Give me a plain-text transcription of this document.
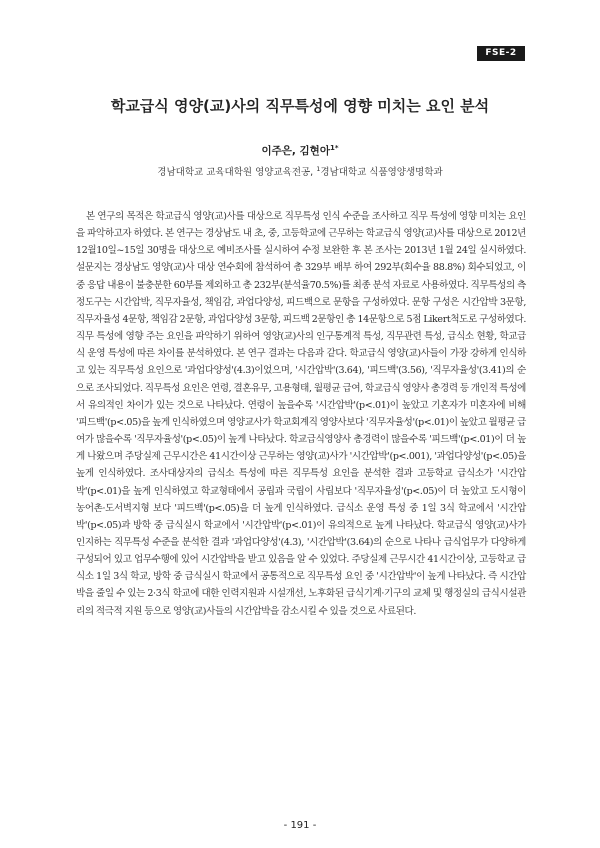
FSE-2
학교급식 영양(교)사의 직무특성에 영향 미치는 요인 분석
이주은, 김현아$^{1*}$
경남대학교 교육대학원 영양교육전공, $^1$경남대학교 식품영양생명학과

본 연구의 목적은 학교급식 영양(교)사를 대상으로 직무특성 인식 수준을 조사하고 직무 특성에 영향 미치는 요인을 파악하고자 하였다. 본 연구는 경상남도 내 초, 중, 고등학교에 근무하는 학교급식 영양(교)사를 대상으로 2012년 12월10일~15일 30명을 대상으로 예비조사를 실시하여 수정 보완한 후 본 조사는 2013년 1월 24일 실시하였다. 설문지는 경상남도 영양(교)사 대상 연수회에 참석하여 총 329부 배부 하여 292부(회수율 88.8%) 회수되었고, 이 중 응답 내용이 불충분한 60부를 제외하고 총 232부(분석율70.5%)를 최종 분석 자료로 사용하였다. 직무특성의 측정도구는 시간압박, 직무자율성, 책임감, 과업다양성, 피드백으로 문항을 구성하였다. 문항 구성은 시간압박 3문항, 직무자율성 4문항, 책임감 2문항, 과업다양성 3문항, 피드백 2문항인 총 14문항으로 5점 Likert척도로 구성하였다. 직무 특성에 영향 주는 요인을 파악하기 위하여 영양(교)사의 인구통계적 특성, 직무관련 특성, 급식소 현황, 학교급식 운영 특성에 따른 차이를 분석하였다. 본 연구 결과는 다음과 같다. 학교급식 영양(교)사들이 가장 강하게 인식하고 있는 직무특성 요인으로 '과업다양성'(4.3)이었으며, '시간압박'(3.64), '피드백'(3.56), '직무자율성'(3.41)의 순으로 조사되었다. 직무특성 요인은 연령, 결혼유무, 고용형태, 월평균 급여, 학교급식 영양사 총경력 등 개인적 특성에서 유의적인 차이가 있는 것으로 나타났다. 연령이 높을수록 '시간압박'(p<.01)이 높았고 기혼자가 미혼자에 비해 '피드백'(p<.05)을 높게 인식하였으며 영양교사가 학교회계직 영양사보다 '직무자율성'(p<.01)이 높았고 월평균 급여가 많을수록 '직무자율성'(p<.05)이 높게 나타났다. 학교급식영양사 총경력이 많을수록 '피드백'(p<.01)이 더 높게 나왔으며 주당실제 근무시간은 41시간이상 근무하는 영양(교)사가 '시간압박'(p<.001), '과업다양성'(p<.05)을 높게 인식하였다. 조사대상자의 급식소 특성에 따른 직무특성 요인을 분석한 결과 고등학교 급식소가 '시간압박'(p<.01)을 높게 인식하였고 학교형태에서 공립과 국립이 사립보다 '직무자율성'(p<.05)이 더 높았고 도시형이 농어촌·도서벽지형 보다 '피드백'(p<.05)을 더 높게 인식하였다. 급식소 운영 특성 중 1일 3식 학교에서 '시간압박'(p<.05)과 방학 중 급식실시 학교에서 '시간압박'(p<.01)이 유의적으로 높게 나타났다. 학교급식 영양(교)사가 인지하는 직무특성 수준을 분석한 결과 '과업다양성'(4.3), '시간압박'(3.64)의 순으로 나타나 급식업무가 다양하게 구성되어 있고 업무수행에 있어 시간압박을 받고 있음을 알 수 있었다. 주당실제 근무시간 41시간이상, 고등학교 급식소 1일 3식 학교, 방학 중 급식실시 학교에서 공통적으로 직무특성 요인 중 '시간압박'이 높게 나타났다. 즉 시간압박을 줄일 수 있는 2·3식 학교에 대한 인력지원과 시설개선, 노후화된 급식기계·기구의 교체 및 행정실의 급식시설관리의 적극적 지원 등으로 영양(교)사들의 시간압박을 감소시킬 수 있을 것으로 사료된다.

- 191 -
